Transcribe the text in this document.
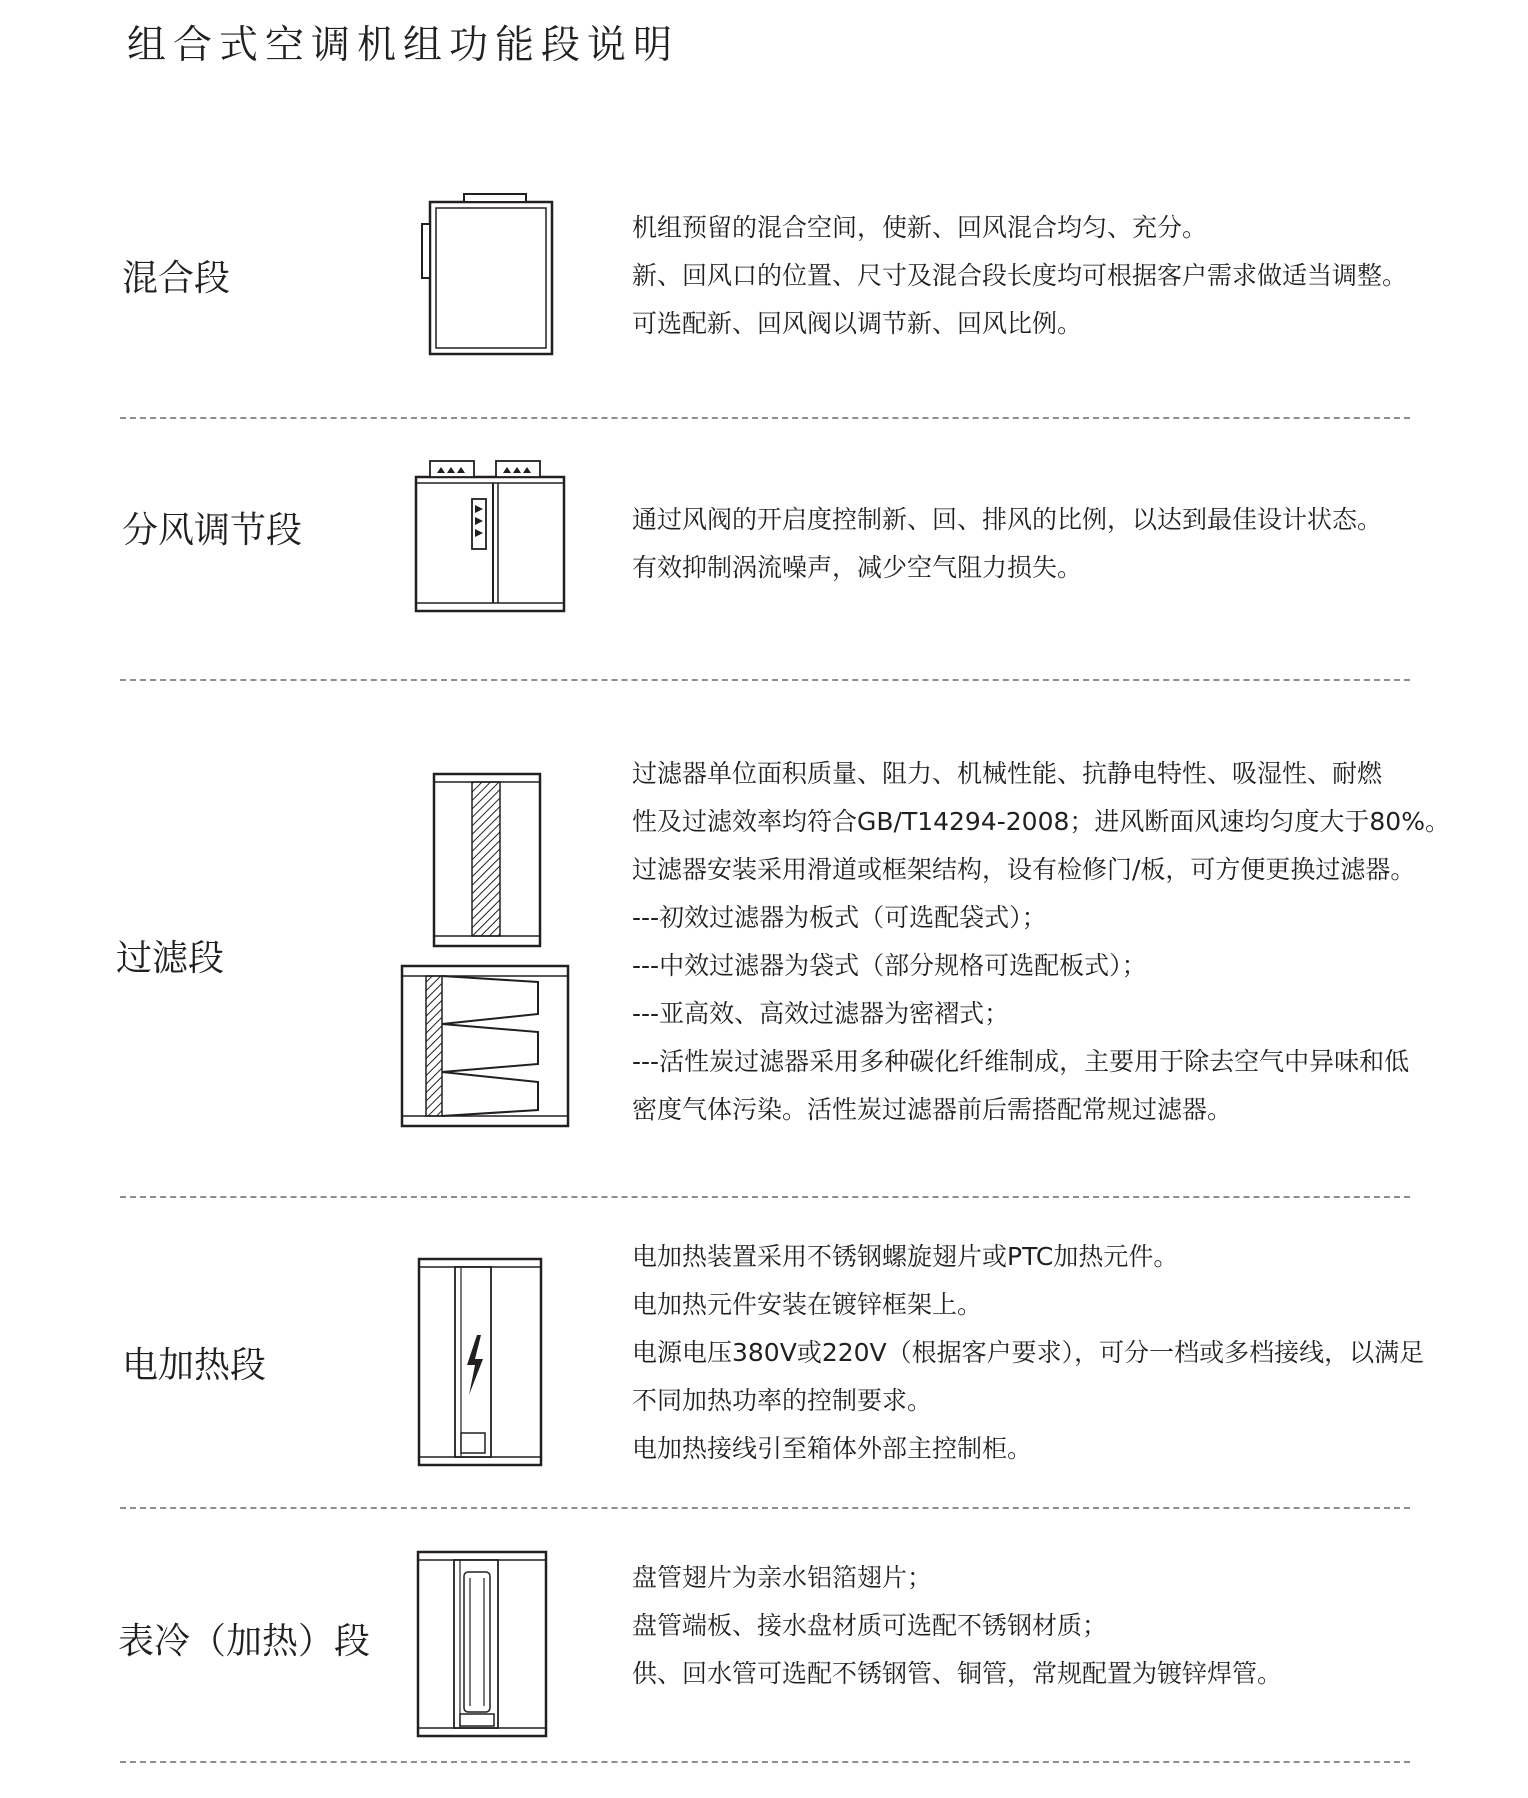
组合式空调机组功能段说明
混合段
机组预留的混合空间，使新、回风混合均匀、充分。
新、回风口的位置、尺寸及混合段长度均可根据客户需求做适当调整。
可选配新、回风阀以调节新、回风比例。
分风调节段	通过风阀的开启度控制新、回、排风的比例，以达到最佳设计状态。
有效抑制涡流噪声，减少空气阻力损失。
过滤段
过滤器单位面积质量、阻力、机械性能、抗静电特性、吸湿性、耐燃
性及过滤效率均符合GB/T14294-2008；进风断面风速均匀度大于80%。
过滤器安装采用滑道或框架结构，设有检修门/板，可方便更换过滤器。
---初效过滤器为板式（可选配袋式）；
---中效过滤器为袋式（部分规格可选配板式）；
---亚高效、高效过滤器为密褶式；
---活性炭过滤器采用多种碳化纤维制成，主要用于除去空气中异味和低
密度气体污染。活性炭过滤器前后需搭配常规过滤器。
电加热段
电加热装置采用不锈钢螺旋翅片或PTC加热元件。
电加热元件安装在镀锌框架上。
电源电压380V或220V（根据客户要求），可分一档或多档接线，以满足
不同加热功率的控制要求。
电加热接线引至箱体外部主控制柜。
表冷（加热）段
盘管翅片为亲水铝箔翅片；
盘管端板、接水盘材质可选配不锈钢材质；
供、回水管可选配不锈钢管、铜管，常规配置为镀锌焊管。
